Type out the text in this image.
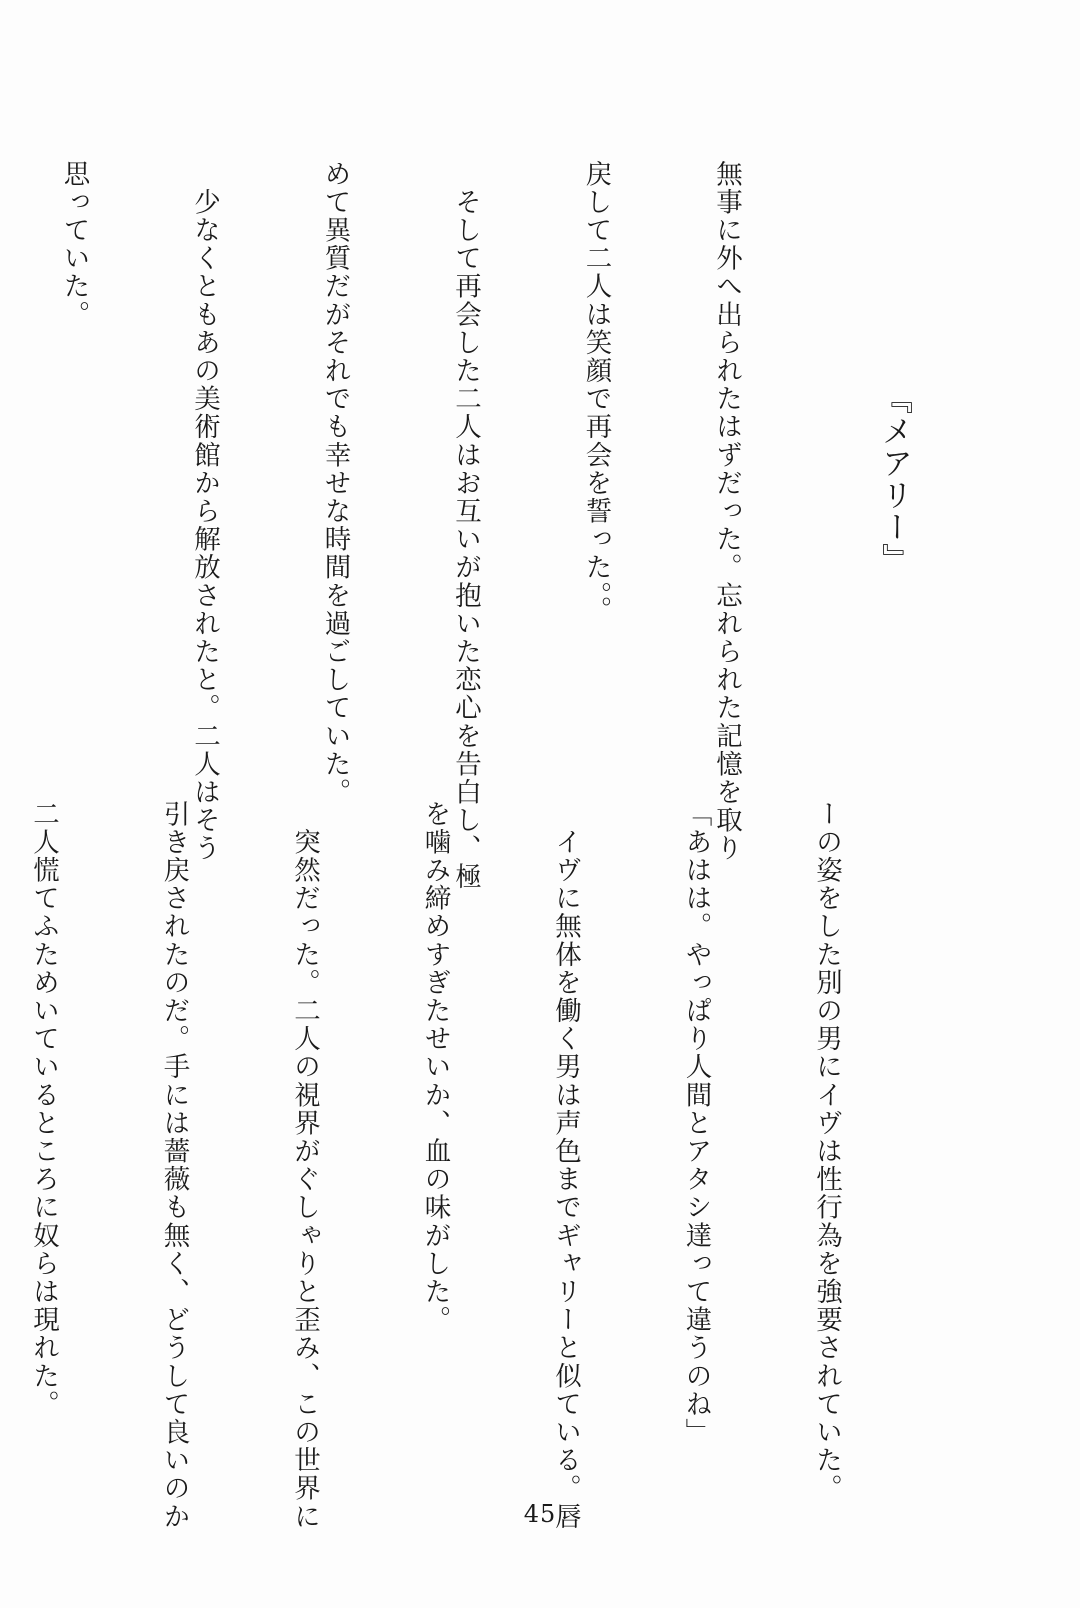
『メアリー』

無事に外へ出られたはずだった。忘れられた記憶を取り

戻して二人は笑顔で再会を誓った。。

　そして再会した二人はお互いが抱いた恋心を告白し、極

めて異質だがそれでも幸せな時間を過ごしていた。

　少なくともあの美術館から解放されたと。二人はそう

思っていた。

ーの姿をした別の男にイヴは性行為を強要されていた。

「あはは。やっぱり人間とアタシ達って違うのね」

　イヴに無体を働く男は声色までギャリーと似ている。唇

を噛み締めすぎたせいか、血の味がした。

　突然だった。二人の視界がぐしゃりと歪み、この世界に

引き戻されたのだ。手には薔薇も無く、どうして良いのか

二人慌てふためいているところに奴らは現れた。

45
